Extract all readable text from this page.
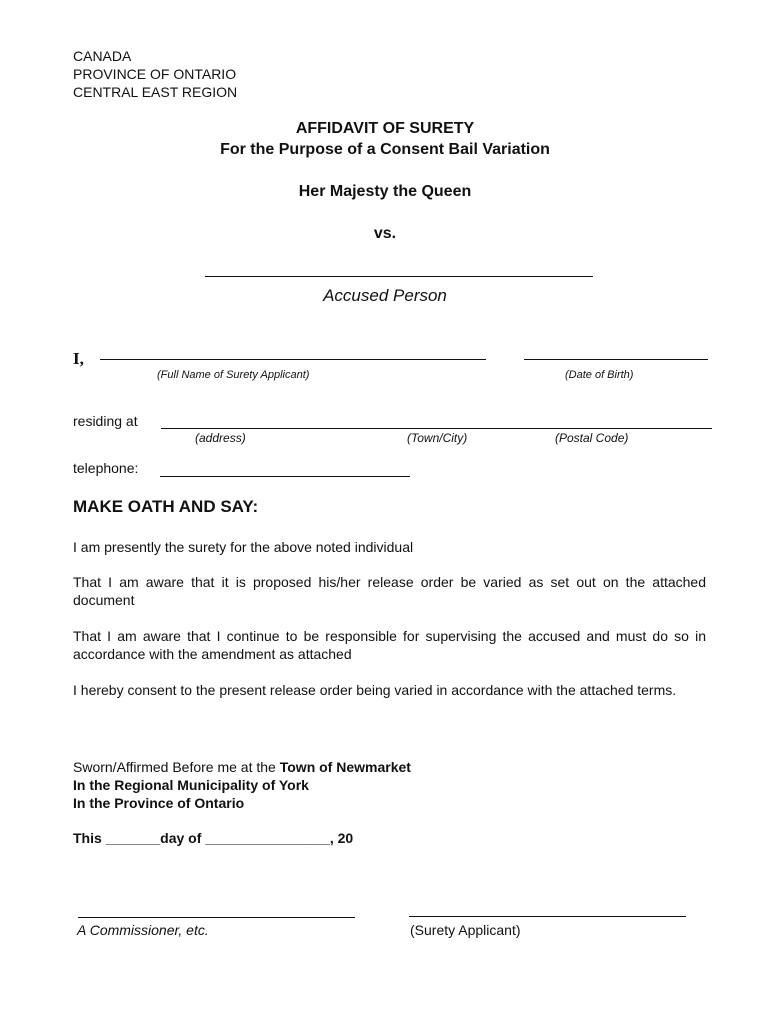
CANADA
PROVINCE OF ONTARIO
CENTRAL EAST REGION
AFFIDAVIT OF SURETY
For the Purpose of a Consent Bail Variation
Her Majesty the Queen
vs.
Accused Person
I,
(Full Name of Surety Applicant)	(Date of Birth)
residing at
(address)	(Town/City)	(Postal Code)
telephone:
MAKE OATH AND SAY:
I am presently the surety for the above noted individual
That I am aware that it is proposed his/her release order be varied as set out on the attached document
That I am aware that I continue to be responsible for supervising the accused and must do so in accordance with the amendment as attached
I hereby consent to the present release order being varied in accordance with the attached terms.
Sworn/Affirmed Before me at the Town of Newmarket
In the Regional Municipality of York
In the Province of Ontario
This _______day of ________________, 20
A Commissioner, etc.	(Surety Applicant)
